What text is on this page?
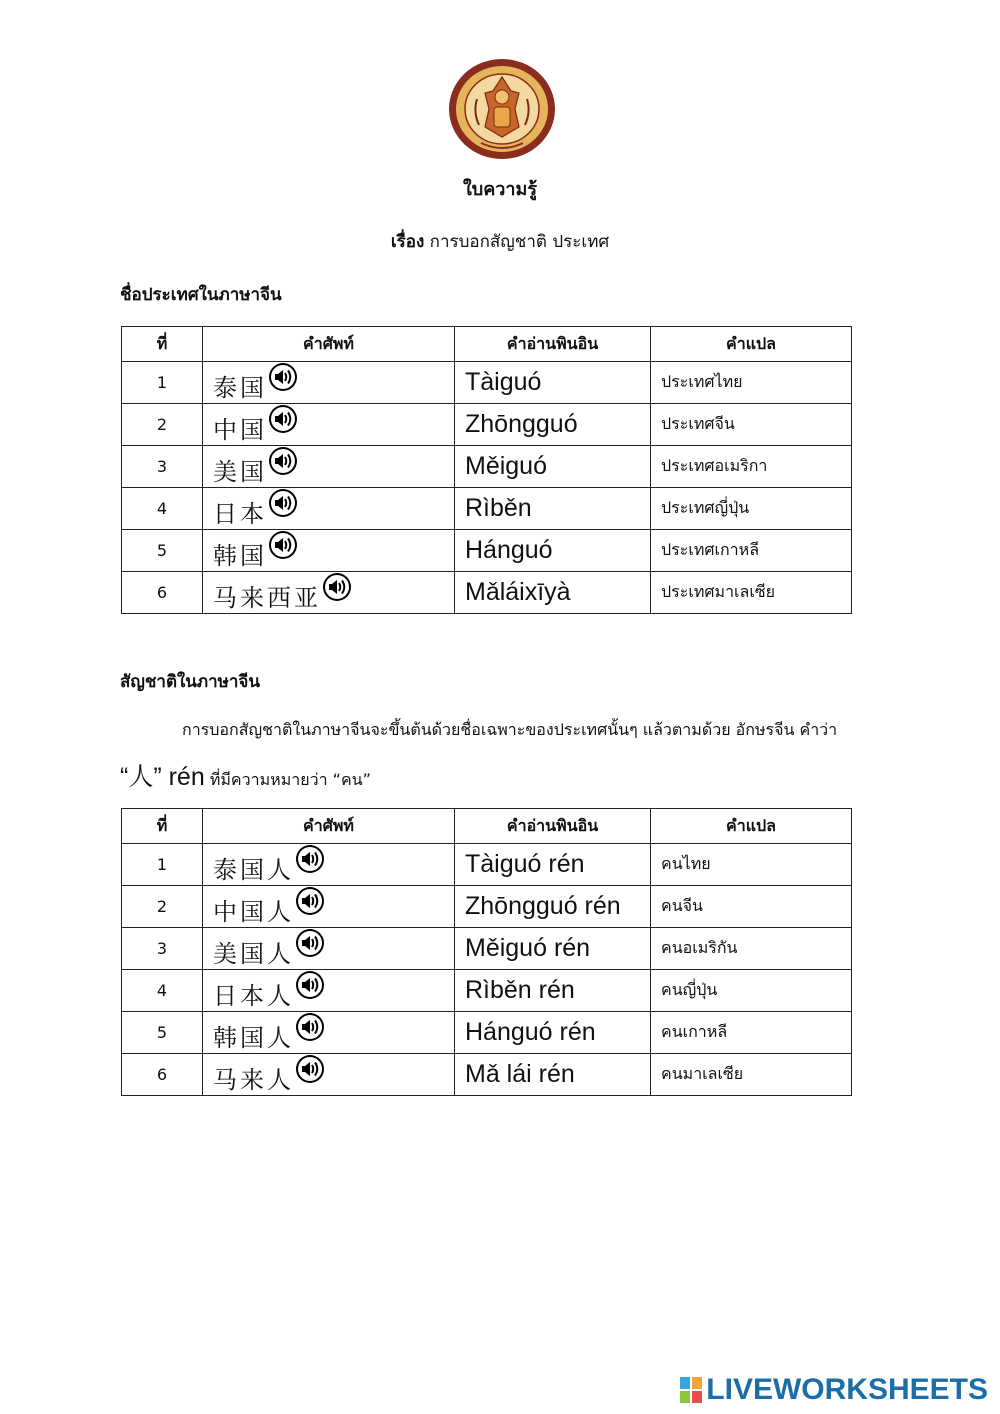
ใบความรู้
เรื่อง การบอกสัญชาติ ประเทศ
ชื่อประเทศในภาษาจีน
ที่	คำศัพท์	คำอ่านพินอิน	คำแปล
1	泰国	Tàiguó	ประเทศไทย
2	中国	Zhōngguó	ประเทศจีน
3	美国	Měiguó	ประเทศอเมริกา
4	日本	Rìběn	ประเทศญี่ปุ่น
5	韩国	Hánguó	ประเทศเกาหลี
6	马来西亚	Mǎláixīyà	ประเทศมาเลเซีย
สัญชาติในภาษาจีน
การบอกสัญชาติในภาษาจีนจะขึ้นต้นด้วยชื่อเฉพาะของประเทศนั้นๆ แล้วตามด้วย อักษรจีน คำว่า
“人” rén ที่มีความหมายว่า “คน”
ที่	คำศัพท์	คำอ่านพินอิน	คำแปล
1	泰国人	Tàiguó rén	คนไทย
2	中国人	Zhōngguó rén	คนจีน
3	美国人	Měiguó rén	คนอเมริกัน
4	日本人	Rìběn rén	คนญี่ปุ่น
5	韩国人	Hánguó rén	คนเกาหลี
6	马来人	Mǎ lái rén	คนมาเลเซีย
LIVEWORKSHEETS
